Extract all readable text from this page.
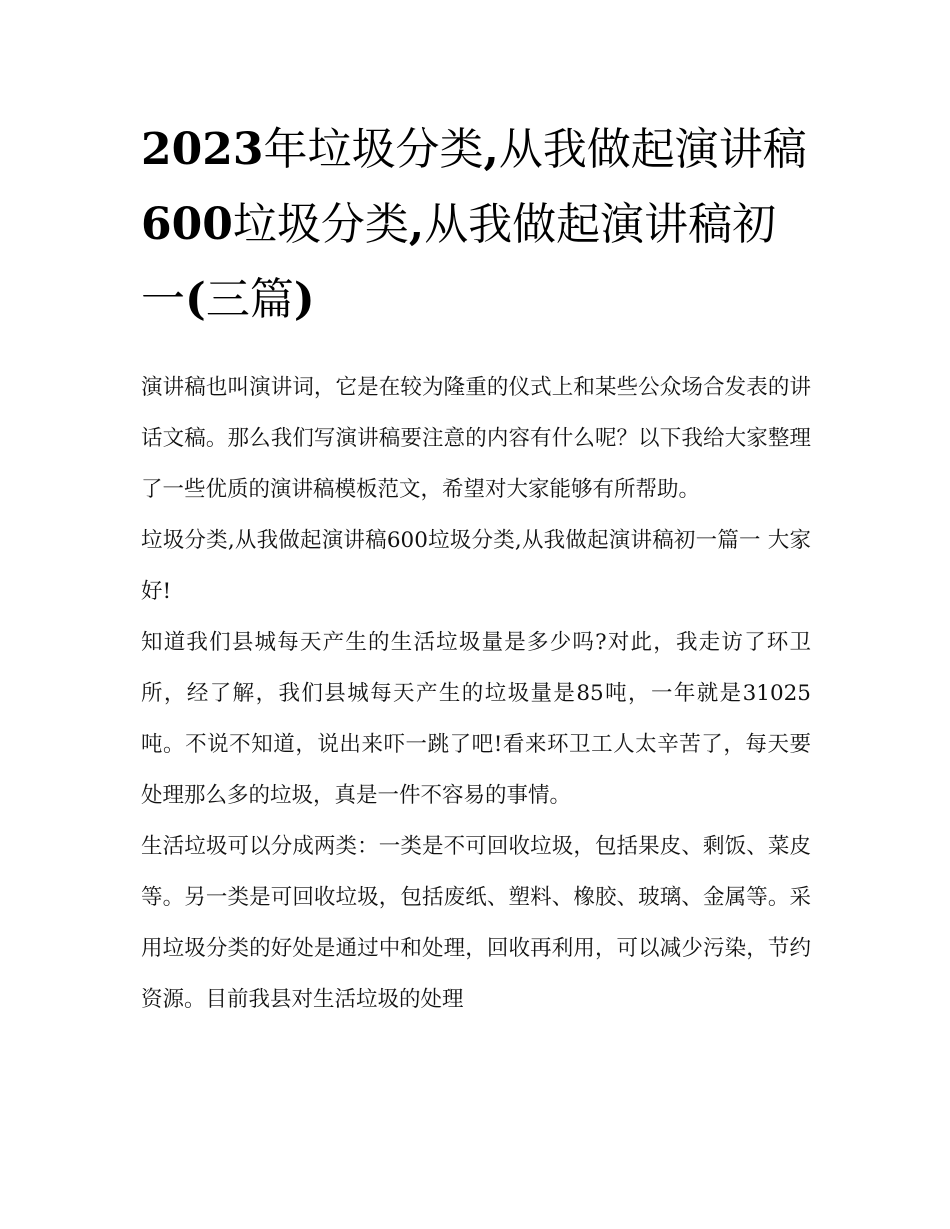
2023年垃圾分类,从我做起演讲稿600垃圾分类,从我做起演讲稿初一(三篇)

演讲稿也叫演讲词，它是在较为隆重的仪式上和某些公众场合发表的讲话文稿。那么我们写演讲稿要注意的内容有什么呢？以下我给大家整理了一些优质的演讲稿模板范文，希望对大家能够有所帮助。

垃圾分类,从我做起演讲稿600垃圾分类,从我做起演讲稿初一篇一 大家好!

知道我们县城每天产生的生活垃圾量是多少吗?对此，我走访了环卫所，经了解，我们县城每天产生的垃圾量是85吨，一年就是31025吨。不说不知道，说出来吓一跳了吧!看来环卫工人太辛苦了，每天要处理那么多的垃圾，真是一件不容易的事情。

生活垃圾可以分成两类：一类是不可回收垃圾，包括果皮、剩饭、菜皮等。另一类是可回收垃圾，包括废纸、塑料、橡胶、玻璃、金属等。采用垃圾分类的好处是通过中和处理，回收再利用，可以减少污染，节约资源。目前我县对生活垃圾的处理
